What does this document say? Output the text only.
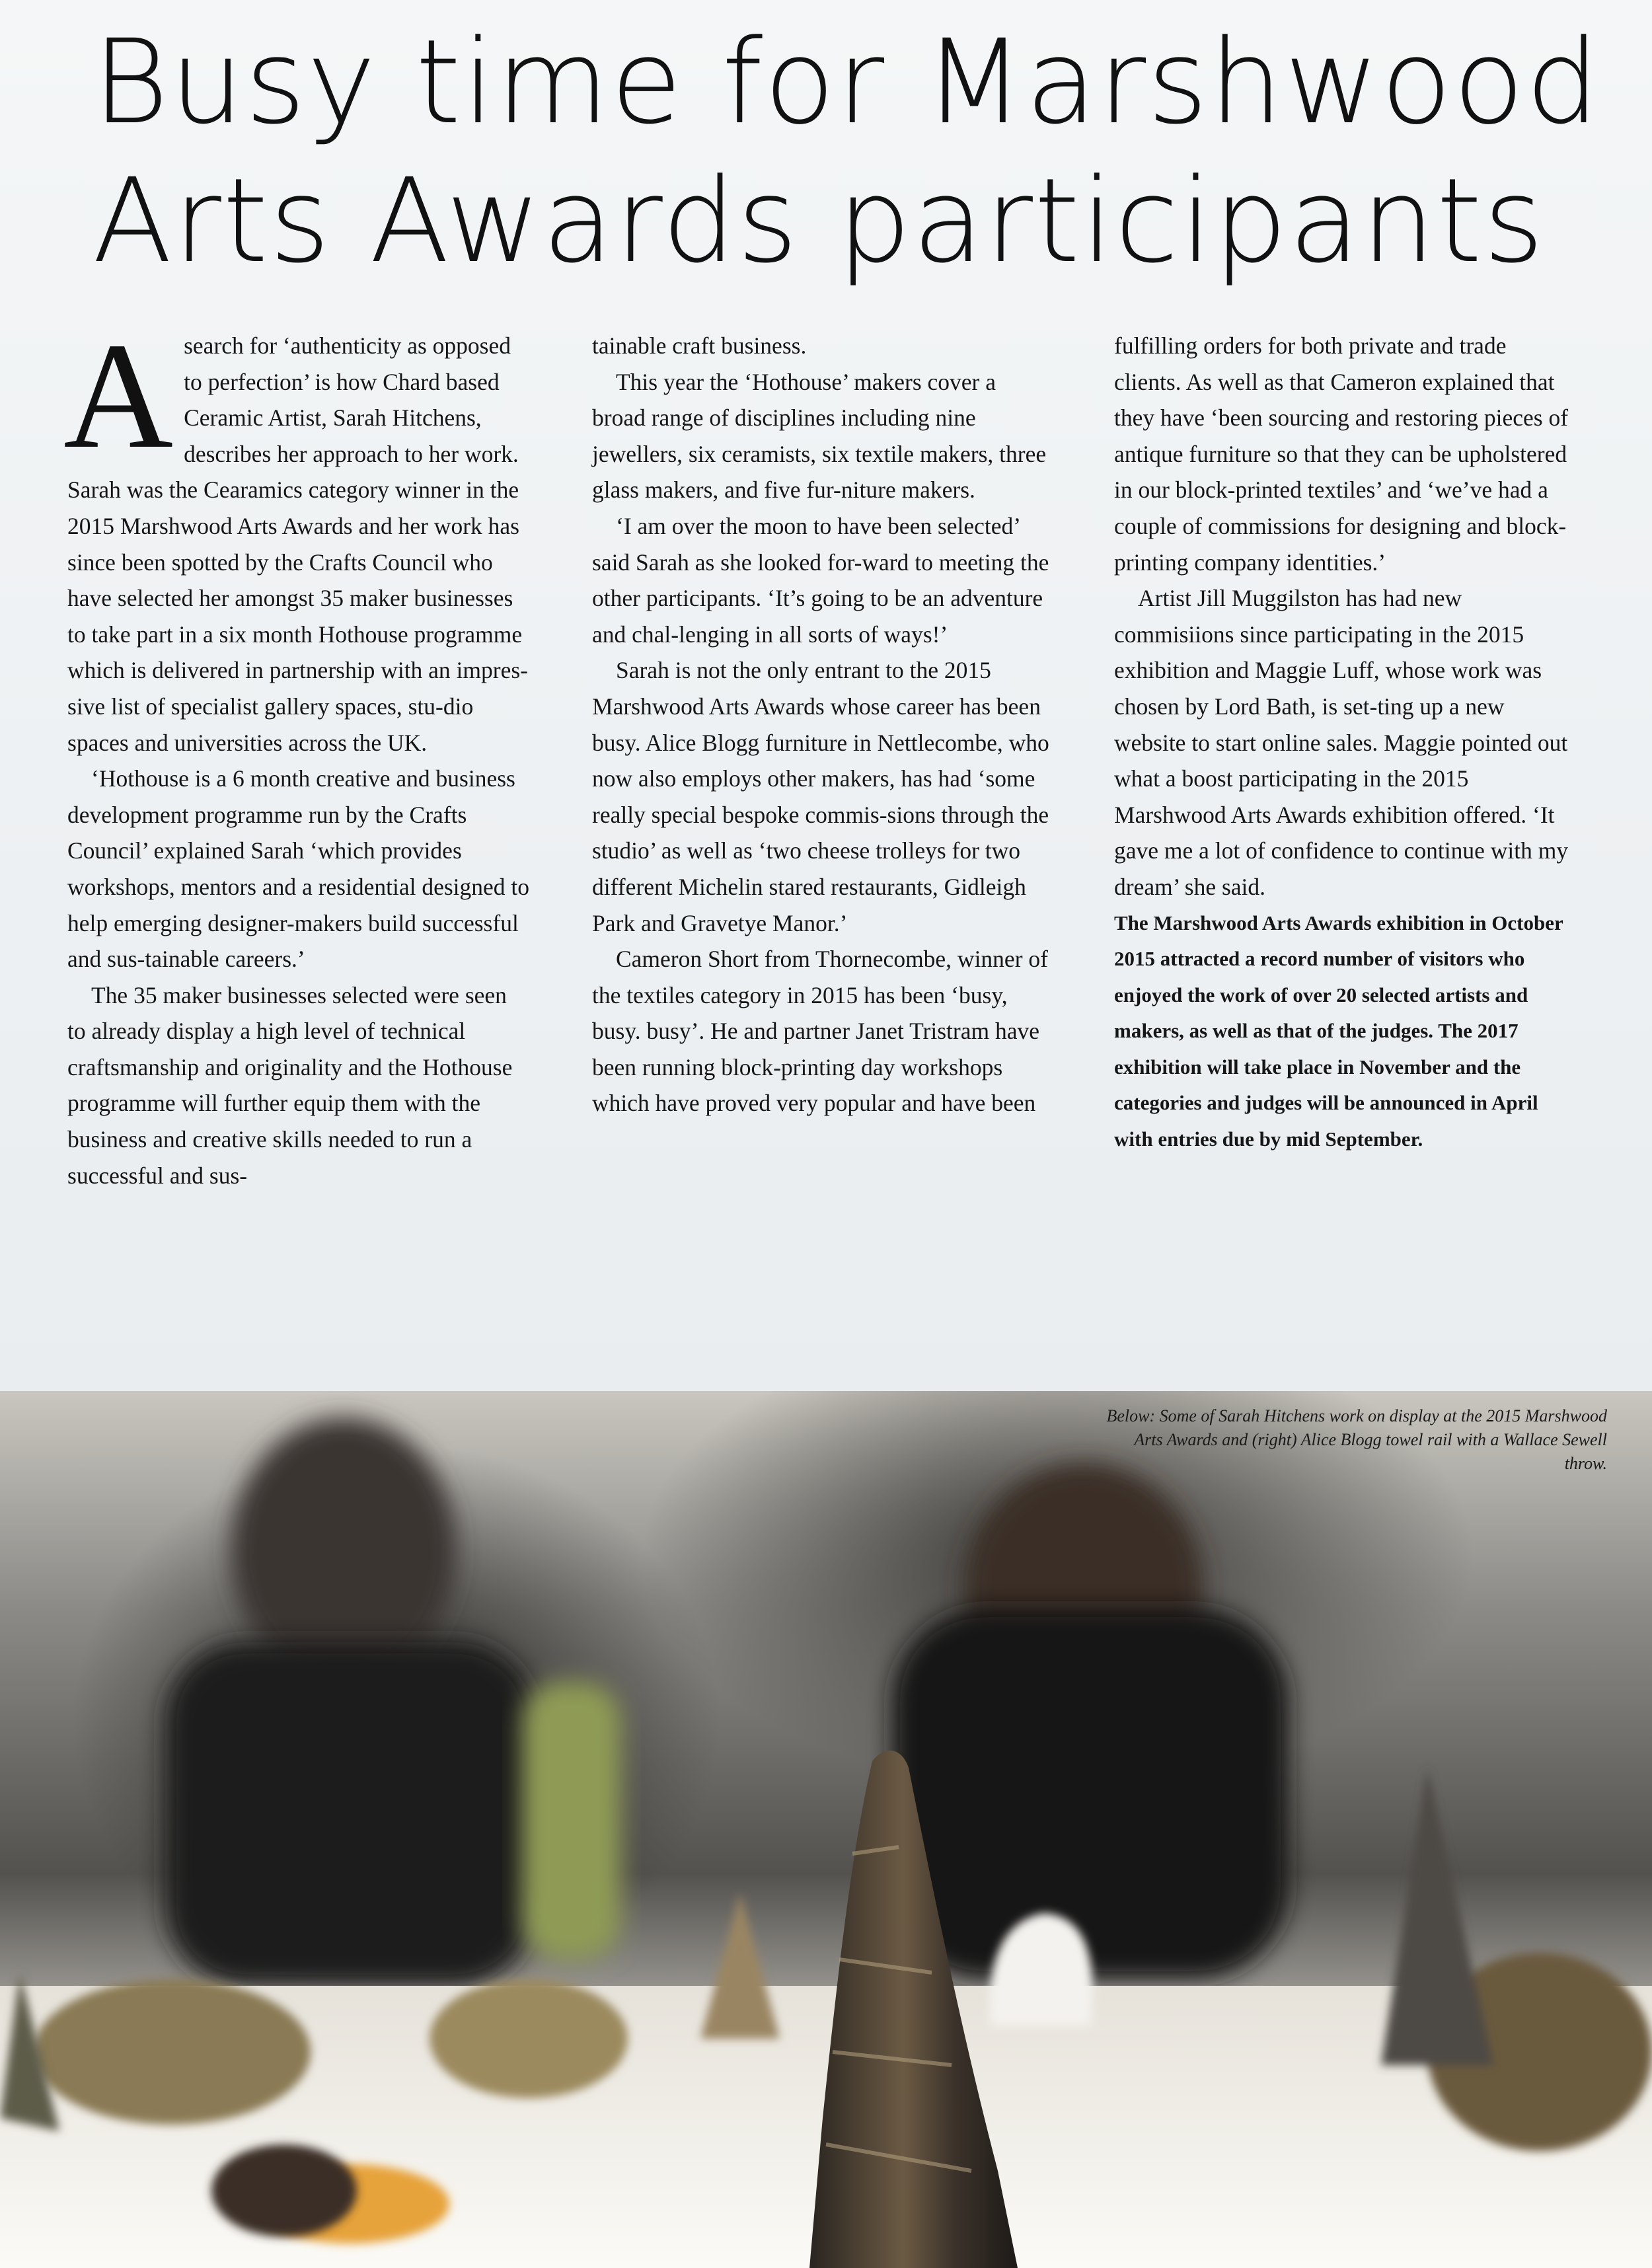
Busy time for Marshwood
Arts Awards participants
A search for ‘authenticity as opposed to perfection’ is how Chard based Ceramic Artist, Sarah Hitchens, describes her approach to her work. Sarah was the Cearamics category winner in the 2015 Marshwood Arts Awards and her work has since been spotted by the Crafts Council who have selected her amongst 35 maker businesses to take part in a six month Hothouse programme which is delivered in partnership with an impres-sive list of specialist gallery spaces, stu-dio spaces and universities across the UK.

‘Hothouse is a 6 month creative and business development programme run by the Crafts Council’ explained Sarah ‘which provides workshops, mentors and a residential designed to help emerging designer-makers build successful and sus-tainable careers.’

The 35 maker businesses selected were seen to already display a high level of technical craftsmanship and originality and the Hothouse programme will further equip them with the business and creative skills needed to run a successful and sus-

tainable craft business.

This year the ‘Hothouse’ makers cover a broad range of disciplines including nine jewellers, six ceramists, six textile makers, three glass makers, and five fur-niture makers.

‘I am over the moon to have been selected’ said Sarah as she looked for-ward to meeting the other participants. ‘It’s going to be an adventure and chal-lenging in all sorts of ways!’

Sarah is not the only entrant to the 2015 Marshwood Arts Awards whose career has been busy. Alice Blogg furniture in Nettlecombe, who now also employs other makers, has had ‘some really special bespoke commis-sions through the studio’ as well as ‘two cheese trolleys for two different Michelin stared restaurants, Gidleigh Park and Gravetye Manor.’

Cameron Short from Thornecombe, winner of the textiles category in 2015 has been ‘busy, busy. busy’. He and partner Janet Tristram have been running block-printing day workshops which have proved very popular and have been

fulfilling orders for both private and trade clients. As well as that Cameron explained that they have ‘been sourcing and restoring pieces of antique furniture so that they can be upholstered in our block-printed textiles’ and ‘we’ve had a couple of commissions for designing and block-printing company identities.’

Artist Jill Muggilston has had new commisiions since participating in the 2015 exhibition and Maggie Luff, whose work was chosen by Lord Bath, is set-ting up a new website to start online sales. Maggie pointed out what a boost participating in the 2015 Marshwood Arts Awards exhibition offered. ‘It gave me a lot of confidence to continue with my dream’ she said.

The Marshwood Arts Awards exhibition in October 2015 attracted a record number of visitors who enjoyed the work of over 20 selected artists and makers, as well as that of the judges. The 2017 exhibition will take place in November and the categories and judges will be announced in April with entries due by mid September.

Below: Some of Sarah Hitchens work on display at the 2015 Marshwood Arts Awards and (right) Alice Blogg towel rail with a Wallace Sewell throw.
